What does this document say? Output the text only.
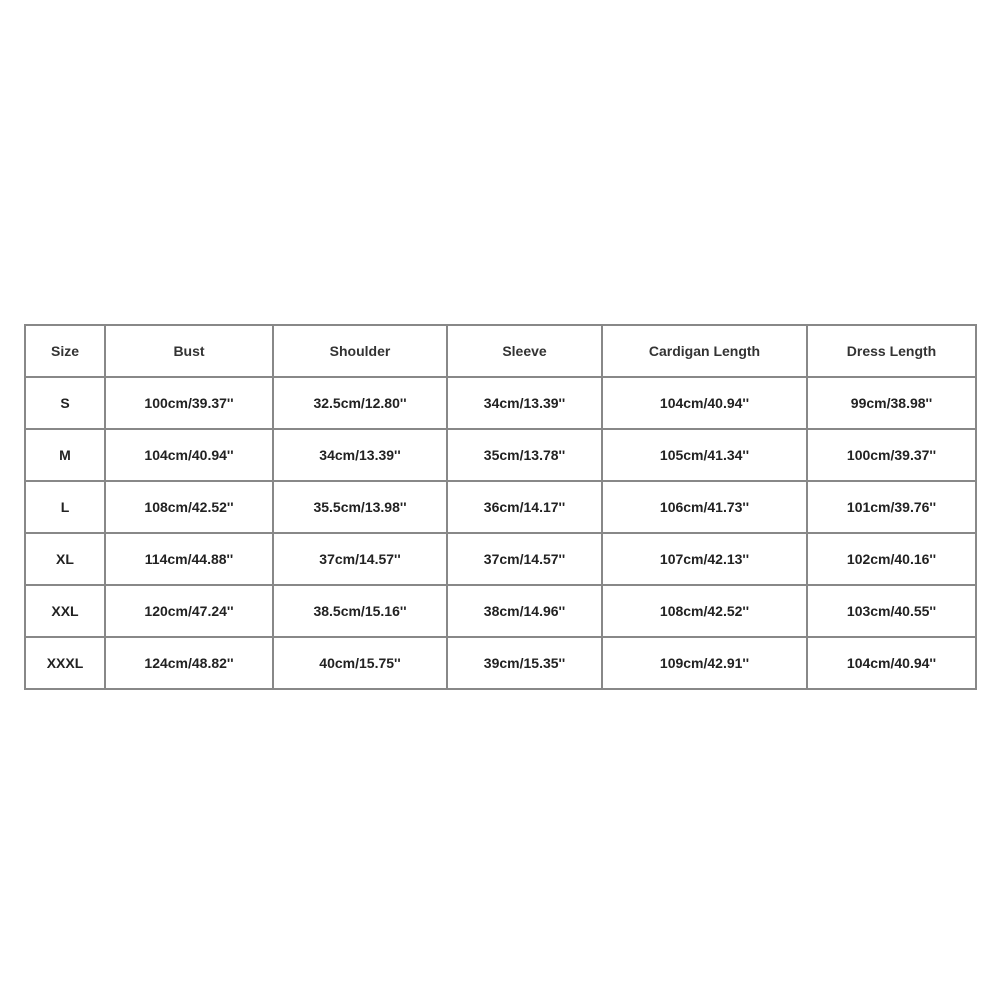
Size	Bust	Shoulder	Sleeve	Cardigan Length	Dress Length
S	100cm/39.37''	32.5cm/12.80''	34cm/13.39''	104cm/40.94''	99cm/38.98''
M	104cm/40.94''	34cm/13.39''	35cm/13.78''	105cm/41.34''	100cm/39.37''
L	108cm/42.52''	35.5cm/13.98''	36cm/14.17''	106cm/41.73''	101cm/39.76''
XL	114cm/44.88''	37cm/14.57''	37cm/14.57''	107cm/42.13''	102cm/40.16''
XXL	120cm/47.24''	38.5cm/15.16''	38cm/14.96''	108cm/42.52''	103cm/40.55''
XXXL	124cm/48.82''	40cm/15.75''	39cm/15.35''	109cm/42.91''	104cm/40.94''
